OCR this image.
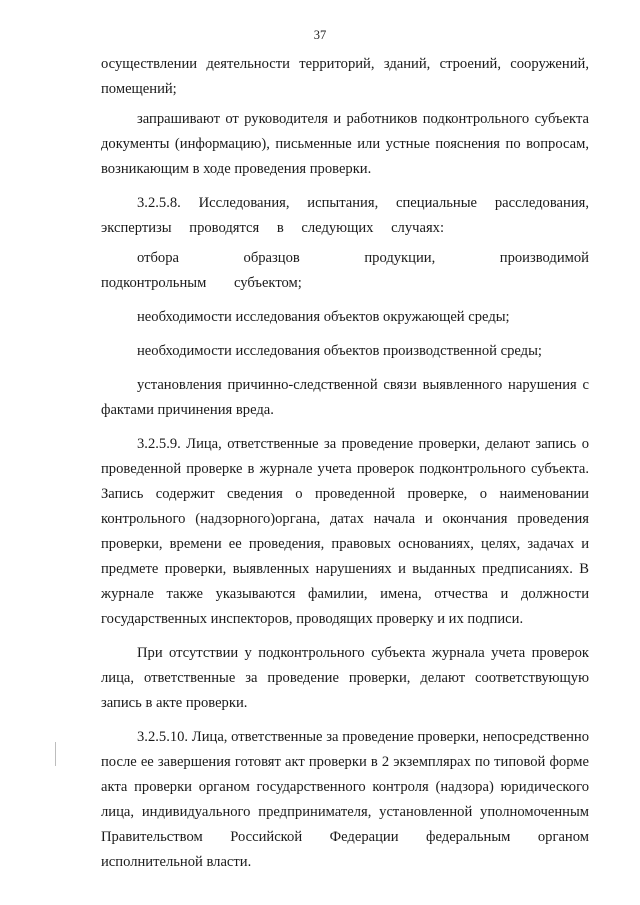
37

осуществлении деятельности территорий, зданий, строений, сооружений, помещений;

запрашивают от руководителя и работников подконтрольного субъекта документы (информацию), письменные или устные пояснения по вопросам, возникающим в ходе проведения проверки.

3.2.5.8. Исследования, испытания, специальные расследования, экспертизы проводятся в следующих случаях:

отбора образцов продукции, производимой подконтрольным субъектом;

необходимости исследования объектов окружающей среды;

необходимости исследования объектов производственной среды;

установления причинно-следственной связи выявленного нарушения с фактами причинения вреда.

3.2.5.9. Лица, ответственные за проведение проверки, делают запись о проведенной проверке в журнале учета проверок подконтрольного субъекта. Запись содержит сведения о проведенной проверке, о наименовании контрольного (надзорного)органа, датах начала и окончания проведения проверки, времени ее проведения, правовых основаниях, целях, задачах и предмете проверки, выявленных нарушениях и выданных предписаниях. В журнале также указываются фамилии, имена, отчества и должности государственных инспекторов, проводящих проверку и их подписи.

При отсутствии у подконтрольного субъекта журнала учета проверок лица, ответственные за проведение проверки, делают соответствующую запись в акте проверки.

3.2.5.10. Лица, ответственные за проведение проверки, непосредственно после ее завершения готовят акт проверки в 2 экземплярах по типовой форме акта проверки органом государственного контроля (надзора) юридического лица, индивидуального предпринимателя, установленной уполномоченным Правительством Российской Федерации федеральным органом исполнительной власти.
